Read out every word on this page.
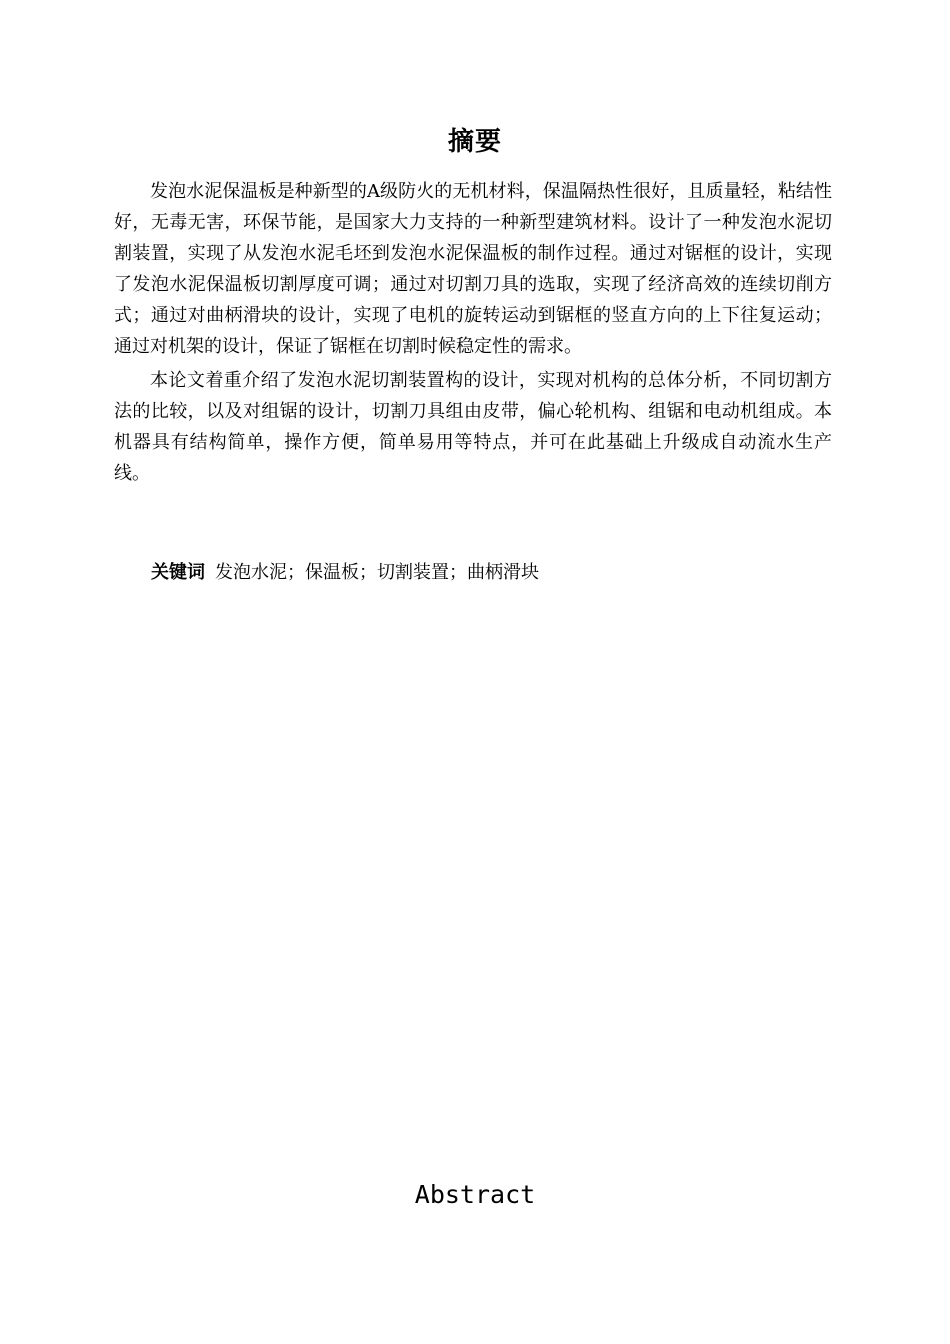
摘要

发泡水泥保温板是种新型的A级防火的无机材料，保温隔热性很好，且质量轻，粘结性好，无毒无害，环保节能，是国家大力支持的一种新型建筑材料。设计了一种发泡水泥切割装置，实现了从发泡水泥毛坯到发泡水泥保温板的制作过程。通过对锯框的设计，实现了发泡水泥保温板切割厚度可调；通过对切割刀具的选取，实现了经济高效的连续切削方式；通过对曲柄滑块的设计，实现了电机的旋转运动到锯框的竖直方向的上下往复运动；通过对机架的设计，保证了锯框在切割时候稳定性的需求。

本论文着重介绍了发泡水泥切割装置构的设计，实现对机构的总体分析，不同切割方法的比较，以及对组锯的设计，切割刀具组由皮带，偏心轮机构、组锯和电动机组成。本机器具有结构简单，操作方便，简单易用等特点，并可在此基础上升级成自动流水生产线。

关键词 发泡水泥；保温板；切割装置；曲柄滑块
Abstract
